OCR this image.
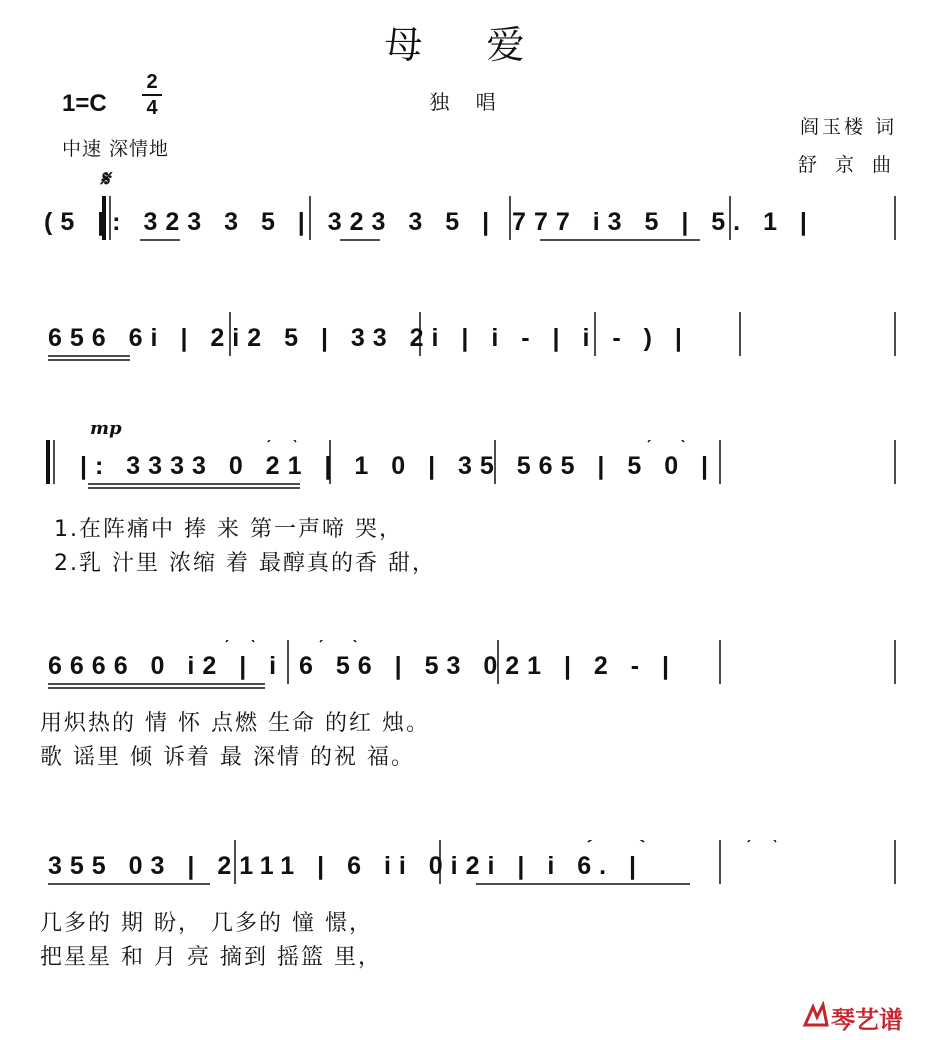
母 爱
独 唱
1=C
2
4
中速 深情地
阎玉楼 词
舒 京 曲
𝄋
(5 |: 323 3 5 | 323 3 5 | 777 i3 5 | 5. 1 |
656 6i | 2i2 5 | 33 2i | i - | i - ) |
mp
|: 3333 0 21 | 1 0 | 35 565 | 5 0 |
1.在阵痛中 捧 来 第一声啼 哭，
2.乳 汁里 浓缩 着 最醇真的香 甜，
6666 0 i2 | i 6 56 | 53 021 | 2 - |
用炽热的 情 怀 点燃 生命 的红 烛。
歌 谣里 倾 诉着 最 深情 的祝 福。
355 03 | 2111 | 6 ii 0i2i | i 6. |
几多的 期 盼， 几多的 憧 憬，
把星星 和 月 亮 摘到 摇篮 里，
琴艺谱
